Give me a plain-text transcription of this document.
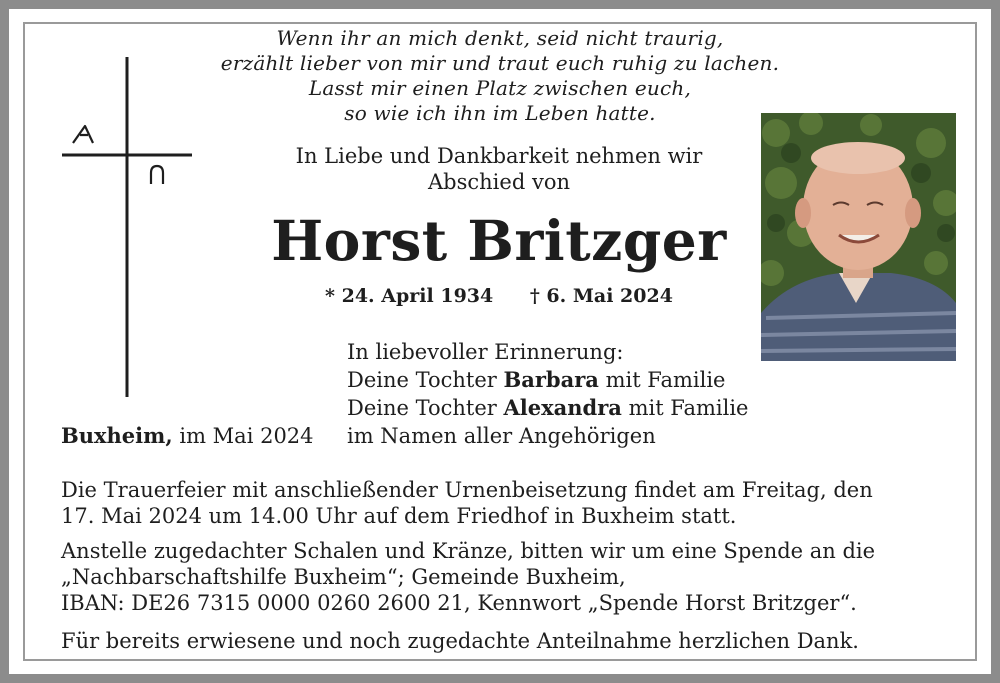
Wenn ihr an mich denkt, seid nicht traurig,
erzählt lieber von mir und traut euch ruhig zu lachen.
Lasst mir einen Platz zwischen euch,
so wie ich ihn im Leben hatte.
In Liebe und Dankbarkeit nehmen wir
Abschied von
Horst Britzger
* 24. April 1934 † 6. Mai 2024
In liebevoller Erinnerung:
Deine Tochter Barbara mit Familie
Deine Tochter Alexandra mit Familie
im Namen aller Angehörigen
Buxheim, im Mai 2024
Die Trauerfeier mit anschließender Urnenbeisetzung findet am Freitag, den
17. Mai 2024 um 14.00 Uhr auf dem Friedhof in Buxheim statt.
Anstelle zugedachter Schalen und Kränze, bitten wir um eine Spende an die
„Nachbarschaftshilfe Buxheim“; Gemeinde Buxheim,
IBAN: DE26 7315 0000 0260 2600 21, Kennwort „Spende Horst Britzger“.
Für bereits erwiesene und noch zugedachte Anteilnahme herzlichen Dank.
